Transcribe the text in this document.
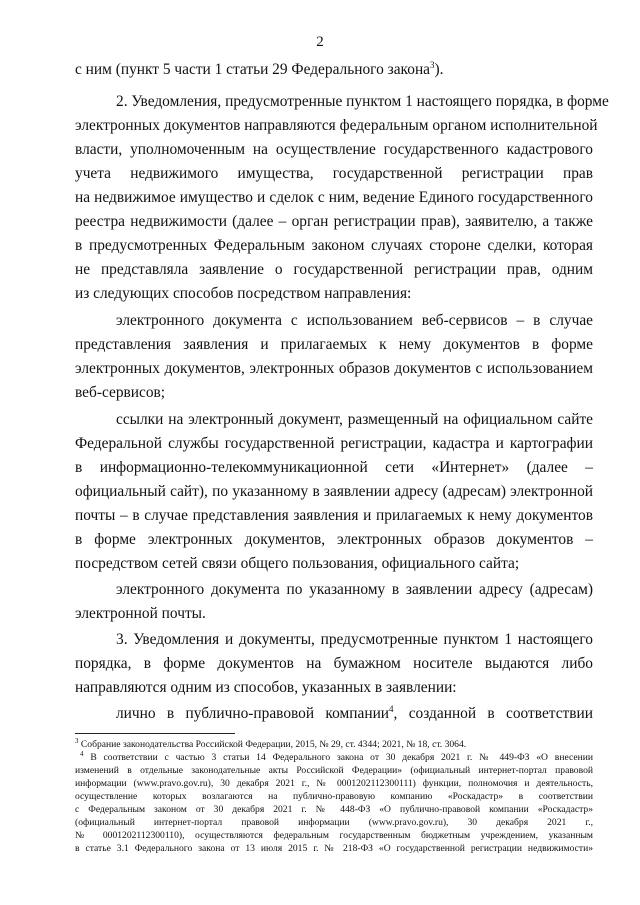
2
с ним (пункт 5 части 1 статьи 29 Федерального закона$^3$).
2. Уведомления, предусмотренные пунктом 1 настоящего порядка, в форме
электронных документов направляются федеральным органом исполнительной
власти, уполномоченным на осуществление государственного кадастрового
учета недвижимого имущества, государственной регистрации прав
на недвижимое имущество и сделок с ним, ведение Единого государственного
реестра недвижимости (далее – орган регистрации прав), заявителю, а также
в предусмотренных Федеральным законом случаях стороне сделки, которая
не представляла заявление о государственной регистрации прав, одним
из следующих способов посредством направления:
электронного документа с использованием веб-сервисов – в случае
представления заявления и прилагаемых к нему документов в форме
электронных документов, электронных образов документов с использованием
веб-сервисов;
ссылки на электронный документ, размещенный на официальном сайте
Федеральной службы государственной регистрации, кадастра и картографии
в информационно-телекоммуникационной сети «Интернет» (далее –
официальный сайт), по указанному в заявлении адресу (адресам) электронной
почты – в случае представления заявления и прилагаемых к нему документов
в форме электронных документов, электронных образов документов –
посредством сетей связи общего пользования, официального сайта;
электронного документа по указанному в заявлении адресу (адресам)
электронной почты.
3. Уведомления и документы, предусмотренные пунктом 1 настоящего
порядка, в форме документов на бумажном носителе выдаются либо
направляются одним из способов, указанных в заявлении:
лично в публично-правовой компании$^4$, созданной в соответствии
$^3$ Собрание законодательства Российской Федерации, 2015, № 29, ст. 4344; 2021, № 18, ст. 3064.
$^4$ В соответствии с частью 3 статьи 14 Федерального закона от 30 декабря 2021 г. № 449-ФЗ «О внесении
изменений в отдельные законодательные акты Российской Федерации» (официальный интернет-портал правовой
информации (www.pravo.gov.ru), 30 декабря 2021 г., № 0001202112300111) функции, полномочия и деятельность,
осуществление которых возлагаются на публично-правовую компанию «Роскадастр» в соответствии
с Федеральным законом от 30 декабря 2021 г. № 448-ФЗ «О публично-правовой компании «Роскадастр»
(официальный интернет-портал правовой информации (www.pravo.gov.ru), 30 декабря 2021 г.,
№ 0001202112300110), осуществляются федеральным государственным бюджетным учреждением, указанным
в статье 3.1 Федерального закона от 13 июля 2015 г. № 218-ФЗ «О государственной регистрации недвижимости»
